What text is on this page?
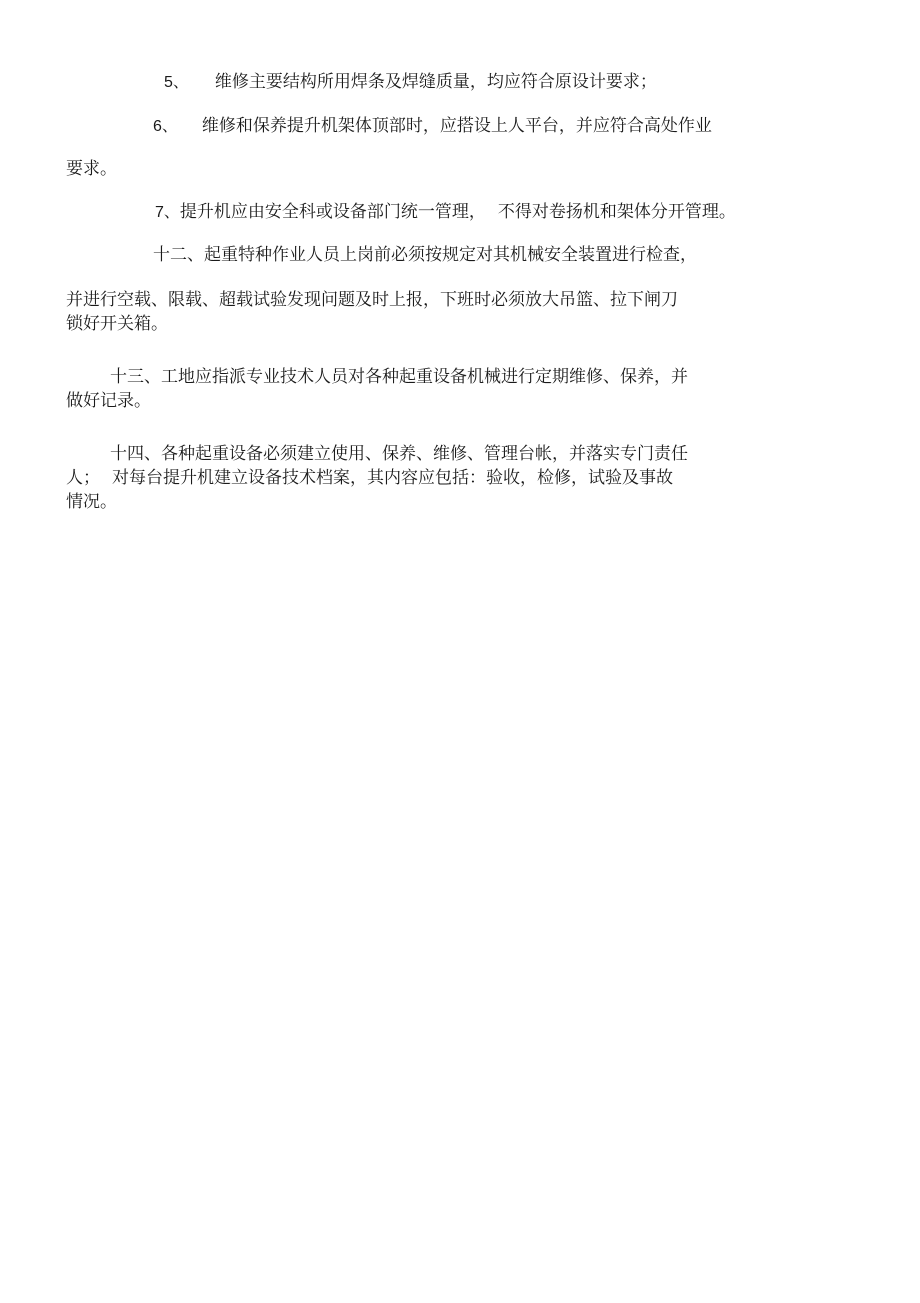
5、 维修主要结构所用焊条及焊缝质量，均应符合原设计要求；
6、 维修和保养提升机架体顶部时，应搭设上人平台，并应符合高处作业
要求。
7、提升机应由安全科或设备部门统一管理， 不得对卷扬机和架体分开管理。
十二、起重特种作业人员上岗前必须按规定对其机械安全装置进行检查，
并进行空载、限载、超载试验发现问题及时上报，下班时必须放大吊篮、拉下闸刀
锁好开关箱。
十三、工地应指派专业技术人员对各种起重设备机械进行定期维修、保养，并
做好记录。
十四、各种起重设备必须建立使用、保养、维修、管理台帐，并落实专门责任
人； 对每台提升机建立设备技术档案，其内容应包括：验收，检修，试验及事故
情况。
